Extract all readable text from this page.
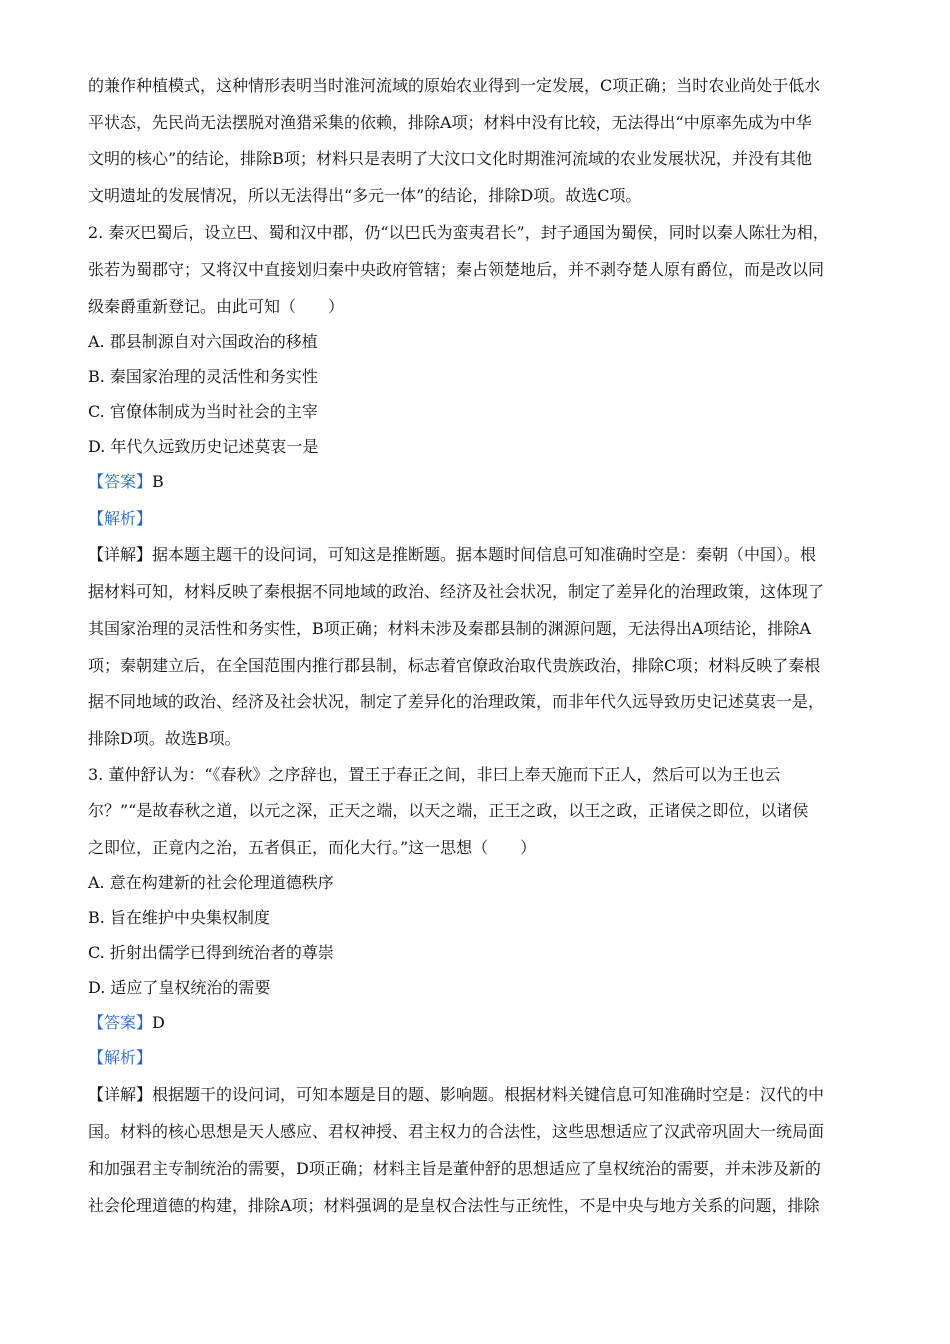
的兼作种植模式，这种情形表明当时淮河流域的原始农业得到一定发展，C项正确；当时农业尚处于低水

平状态，先民尚无法摆脱对渔猎采集的依赖，排除A项；材料中没有比较，无法得出“中原率先成为中华

文明的核心”的结论，排除B项；材料只是表明了大汶口文化时期淮河流域的农业发展状况，并没有其他

文明遗址的发展情况，所以无法得出“多元一体”的结论，排除D项。故选C项。

2. 秦灭巴蜀后，设立巴、蜀和汉中郡，仍“以巴氏为蛮夷君长”，封子通国为蜀侯，同时以秦人陈壮为相，

张若为蜀郡守；又将汉中直接划归秦中央政府管辖；秦占领楚地后，并不剥夺楚人原有爵位，而是改以同

级秦爵重新登记。由此可知（　　）

A. 郡县制源自对六国政治的移植

B. 秦国家治理的灵活性和务实性

C. 官僚体制成为当时社会的主宰

D. 年代久远致历史记述莫衷一是

【答案】B

【解析】

【详解】据本题主题干的设问词，可知这是推断题。据本题时间信息可知准确时空是：秦朝（中国）。根

据材料可知，材料反映了秦根据不同地域的政治、经济及社会状况，制定了差异化的治理政策，这体现了

其国家治理的灵活性和务实性，B项正确；材料未涉及秦郡县制的渊源问题，无法得出A项结论，排除A

项；秦朝建立后，在全国范围内推行郡县制，标志着官僚政治取代贵族政治，排除C项；材料反映了秦根

据不同地域的政治、经济及社会状况，制定了差异化的治理政策，而非年代久远导致历史记述莫衷一是，

排除D项。故选B项。

3. 董仲舒认为：“《春秋》之序辞也，置王于春正之间，非曰上奉天施而下正人，然后可以为王也云

尔？”“是故春秋之道，以元之深，正天之端，以天之端，正王之政，以王之政，正诸侯之即位，以诸侯

之即位，正竟内之治，五者俱正，而化大行。”这一思想（　　）

A. 意在构建新的社会伦理道德秩序

B. 旨在维护中央集权制度

C. 折射出儒学已得到统治者的尊崇

D. 适应了皇权统治的需要

【答案】D

【解析】

【详解】根据题干的设问词，可知本题是目的题、影响题。根据材料关键信息可知准确时空是：汉代的中

国。材料的核心思想是天人感应、君权神授、君主权力的合法性，这些思想适应了汉武帝巩固大一统局面

和加强君主专制统治的需要，D项正确；材料主旨是董仲舒的思想适应了皇权统治的需要，并未涉及新的

社会伦理道德的构建，排除A项；材料强调的是皇权合法性与正统性，不是中央与地方关系的问题，排除
